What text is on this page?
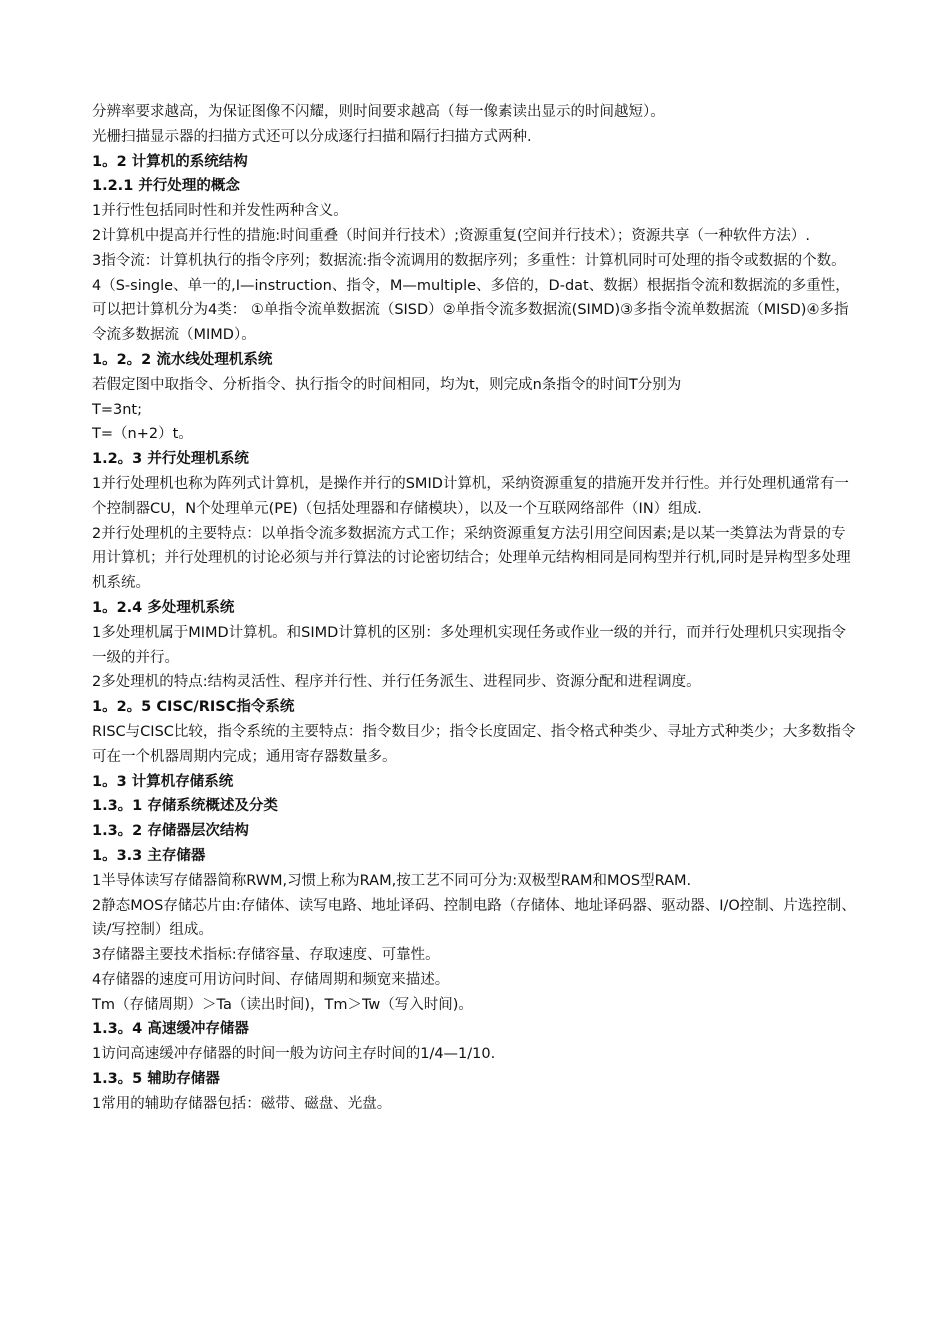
分辨率要求越高，为保证图像不闪耀，则时间要求越高（每一像素读出显示的时间越短）。

光栅扫描显示器的扫描方式还可以分成逐行扫描和隔行扫描方式两种.

1。2 计算机的系统结构

1.2.1 并行处理的概念

1并行性包括同时性和并发性两种含义。

2计算机中提高并行性的措施:时间重叠（时间并行技术）;资源重复(空间并行技术）；资源共享（一种软件方法）.

3指令流：计算机执行的指令序列；数据流:指令流调用的数据序列；多重性：计算机同时可处理的指令或数据的个数。

4（S-single、单一的,I—instruction、指令，M—multiple、多倍的，D-dat、数据）根据指令流和数据流的多重性，可以把计算机分为4类： ①单指令流单数据流（SISD）②单指令流多数据流(SIMD)③多指令流单数据流（MISD)④多指令流多数据流（MIMD）。

1。2。2 流水线处理机系统

若假定图中取指令、分析指令、执行指令的时间相同，均为t，则完成n条指令的时间T分别为

T=3nt;

T=（n+2）t。

1.2。3 并行处理机系统

1并行处理机也称为阵列式计算机，是操作并行的SMID计算机，采纳资源重复的措施开发并行性。并行处理机通常有一个控制器CU，N个处理单元(PE)（包括处理器和存储模块），以及一个互联网络部件（IN）组成.

2并行处理机的主要特点：以单指令流多数据流方式工作；采纳资源重复方法引用空间因素;是以某一类算法为背景的专用计算机；并行处理机的讨论必须与并行算法的讨论密切结合；处理单元结构相同是同构型并行机,同时是异构型多处理机系统。

1。2.4 多处理机系统

1多处理机属于MIMD计算机。和SIMD计算机的区别：多处理机实现任务或作业一级的并行，而并行处理机只实现指令一级的并行。

2多处理机的特点:结构灵活性、程序并行性、并行任务派生、进程同步、资源分配和进程调度。

1。2。5 CISC/RISC指令系统

RISC与CISC比较，指令系统的主要特点：指令数目少；指令长度固定、指令格式种类少、寻址方式种类少；大多数指令可在一个机器周期内完成；通用寄存器数量多。

1。3 计算机存储系统

1.3。1 存储系统概述及分类

1.3。2 存储器层次结构

1。3.3 主存储器

1半导体读写存储器简称RWM,习惯上称为RAM,按工艺不同可分为:双极型RAM和MOS型RAM.

2静态MOS存储芯片由:存储体、读写电路、地址译码、控制电路（存储体、地址译码器、驱动器、I/O控制、片选控制、读/写控制）组成。

3存储器主要技术指标:存储容量、存取速度、可靠性。

4存储器的速度可用访问时间、存储周期和频宽来描述。

Tm（存储周期）＞Ta（读出时间)，Tm＞Tw（写入时间)。

1.3。4 高速缓冲存储器

1访问高速缓冲存储器的时间一般为访问主存时间的1/4—1/10.

1.3。5 辅助存储器

1常用的辅助存储器包括：磁带、磁盘、光盘。
